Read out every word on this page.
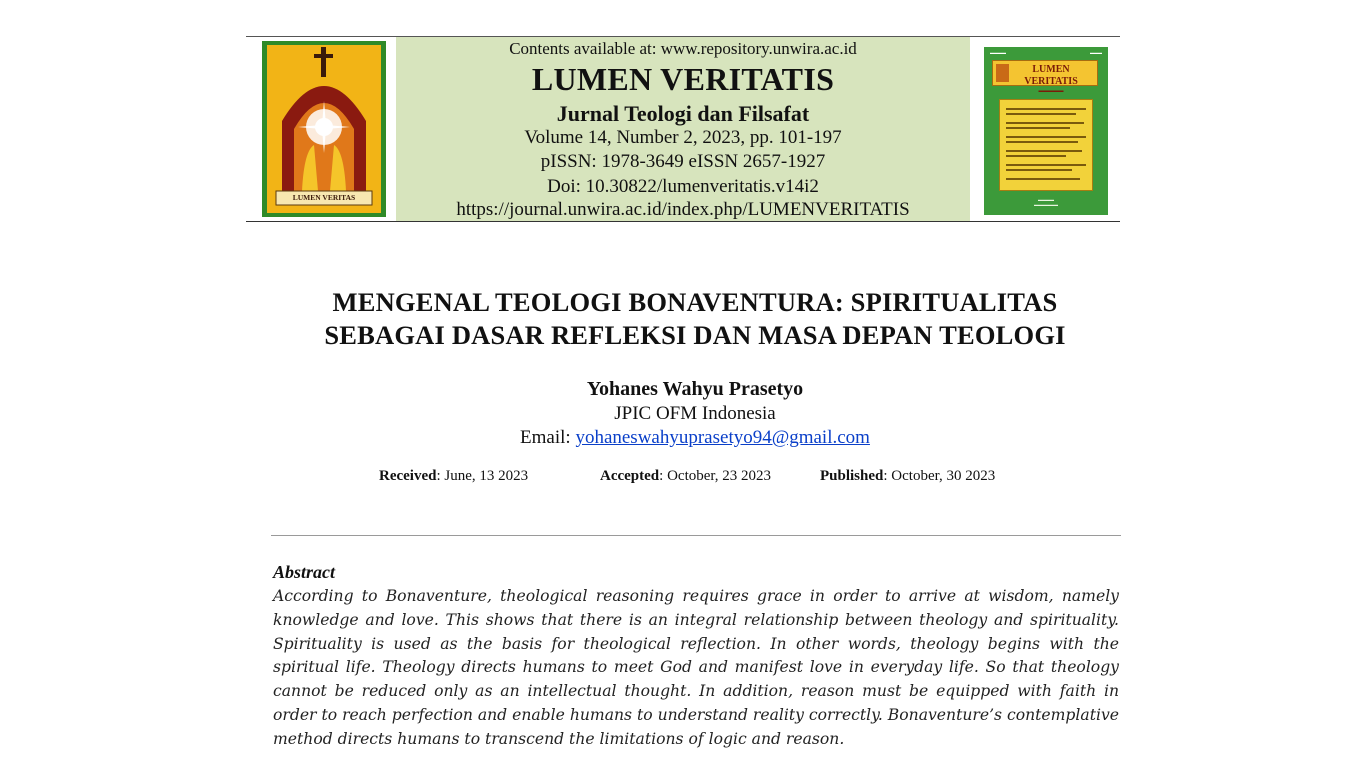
LUMEN VERITAS
Contents available at: www.repository.unwira.ac.id
LUMEN VERITATIS
Jurnal Teologi dan Filsafat
Volume 14, Number 2, 2023, pp. 101-197
pISSN: 1978-3649 eISSN 2657-1927
Doi: 10.30822/lumenveritatis.v14i2
https://journal.unwira.ac.id/index.php/LUMENVERITATIS
▬▬▬▬	▬▬▬
LUMEN VERITATIS
▬▬▬▬▬
▬▬▬▬
▬▬▬▬▬▬
MENGENAL TEOLOGI BONAVENTURA: SPIRITUALITAS
SEBAGAI DASAR REFLEKSI DAN MASA DEPAN TEOLOGI
Yohanes Wahyu Prasetyo
JPIC OFM Indonesia
Email: yohaneswahyuprasetyo94@gmail.com
Received: June, 13 2023	Accepted: October, 23 2023	Published: October, 30 2023
Abstract
According to Bonaventure, theological reasoning requires grace in order to arrive at wisdom, namely knowledge and love. This shows that there is an integral relationship between theology and spirituality. Spirituality is used as the basis for theological reflection. In other words, theology begins with the spiritual life. Theology directs humans to meet God and manifest love in everyday life. So that theology cannot be reduced only as an intellectual thought. In addition, reason must be equipped with faith in order to reach perfection and enable humans to understand reality correctly. Bonaventure’s contemplative method directs humans to transcend the limitations of logic and reason.
